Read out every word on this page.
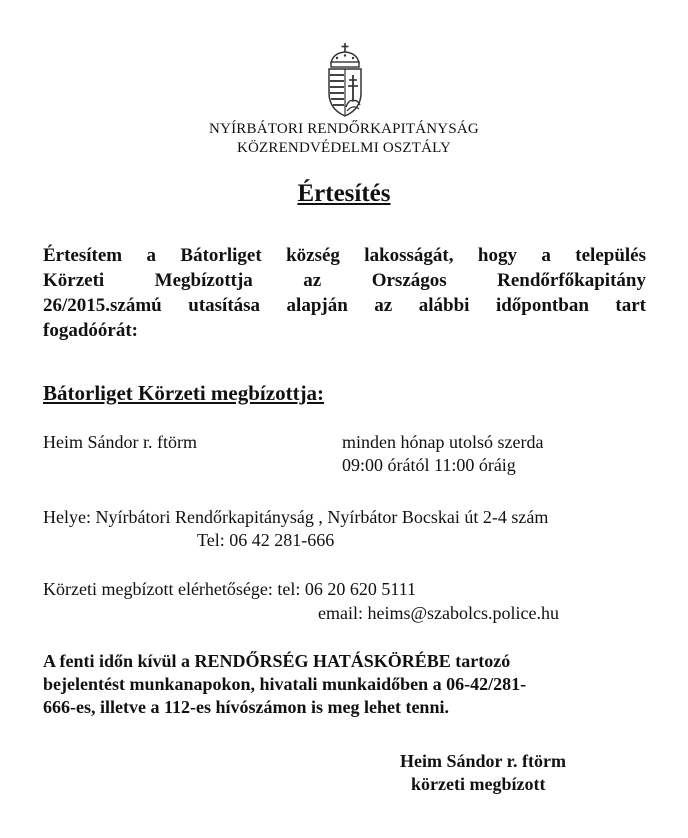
NYÍRBÁTORI RENDŐRKAPITÁNYSÁG
KÖZRENDVÉDELMI OSZTÁLY
Értesítés
Értesítem a Bátorliget község lakosságát, hogy a település
Körzeti Megbízottja az Országos Rendőrfőkapitány
26/2015.számú utasítása alapján az alábbi időpontban tart
fogadóórát:
Bátorliget Körzeti megbízottja:
Heim Sándor r. ftörm	minden hónap utolsó szerda
09:00 órától 11:00 óráig
Helye: Nyírbátori Rendőrkapitányság , Nyírbátor Bocskai út 2-4 szám
Tel: 06 42 281-666
Körzeti megbízott elérhetősége: tel: 06 20 620 5111
email: heims@szabolcs.police.hu
A fenti időn kívül a RENDŐRSÉG HATÁSKÖRÉBE tartozó
bejelentést munkanapokon, hivatali munkaidőben a 06-42/281-
666-es, illetve a 112-es hívószámon is meg lehet tenni.
Heim Sándor r. ftörm
körzeti megbízott
